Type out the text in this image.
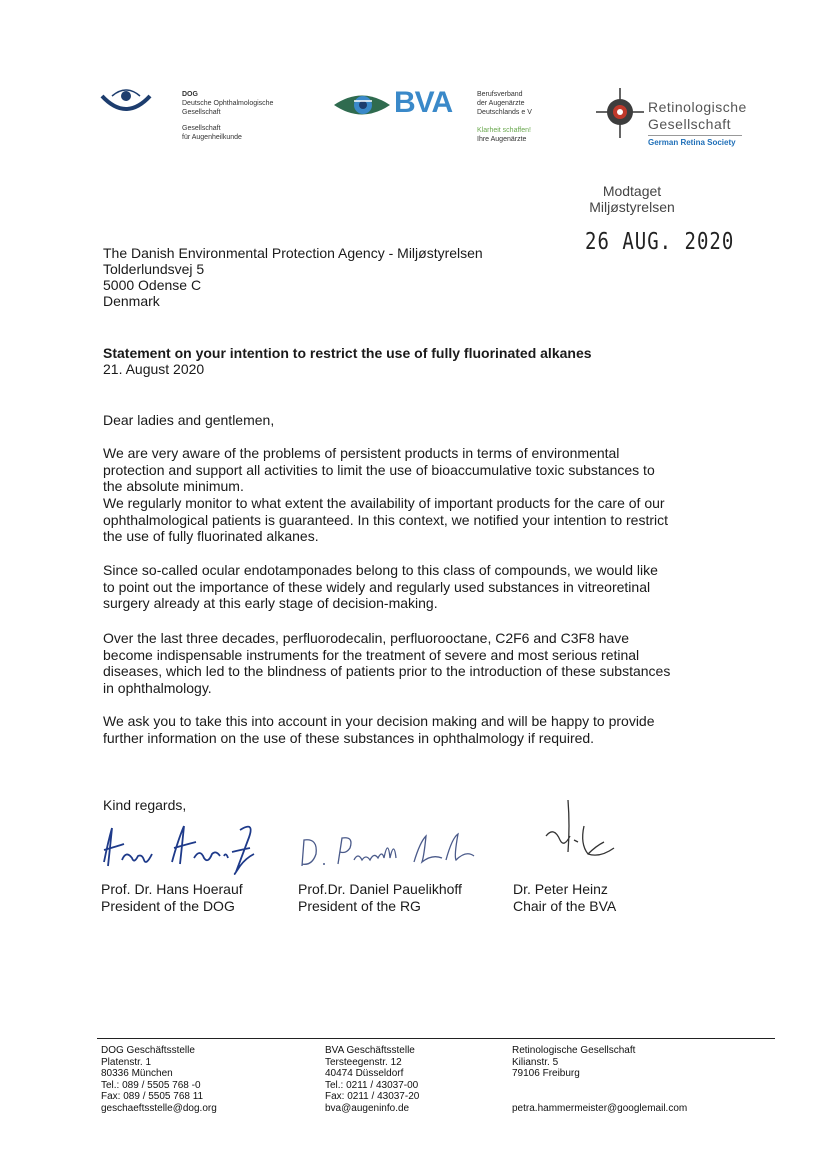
DOG
Deutsche Ophthalmologische
Gesellschaft
Gesellschaft
für Augenheilkunde
BVA	Berufsverband
der Augenärzte
Deutschlands e V
Klarheit schaffen!
Ihre Augenärzte
Retinologische
Gesellschaft
German Retina Society
Modtaget
Miljøstyrelsen
26 AUG. 2020
The Danish Environmental Protection Agency - Miljøstyrelsen
Tolderlundsvej 5
5000 Odense C
Denmark
Statement on your intention to restrict the use of fully fluorinated alkanes
21. August 2020
Dear ladies and gentlemen,
We are very aware of the problems of persistent products in terms of environmental protection and support all activities to limit the use of bioaccumulative toxic substances to the absolute minimum.
We regularly monitor to what extent the availability of important products for the care of our ophthalmological patients is guaranteed. In this context, we notified your intention to restrict the use of fully fluorinated alkanes.
Since so-called ocular endotamponades belong to this class of compounds, we would like to point out the importance of these widely and regularly used substances in vitreoretinal surgery already at this early stage of decision-making.
Over the last three decades, perfluorodecalin, perfluorooctane, C2F6 and C3F8 have become indispensable instruments for the treatment of severe and most serious retinal diseases, which led to the blindness of patients prior to the introduction of these substances in ophthalmology.
We ask you to take this into account in your decision making and will be happy to provide further information on the use of these substances in ophthalmology if required.
Kind regards,
Prof. Dr. Hans Hoerauf
President of the DOG
Prof.Dr. Daniel Pauelikhoff
President of the RG
Dr. Peter Heinz
Chair of the BVA
DOG Geschäftsstelle
Platenstr. 1
80336 München
Tel.: 089 / 5505 768 -0
Fax: 089 / 5505 768 11
geschaeftsstelle@dog.org
BVA Geschäftsstelle
Tersteegenstr. 12
40474 Düsseldorf
Tel.: 0211 / 43037-00
Fax: 0211 / 43037-20
bva@augeninfo.de
Retinologische Gesellschaft
Kilianstr. 5
79106 Freiburg
petra.hammermeister@googlemail.com
